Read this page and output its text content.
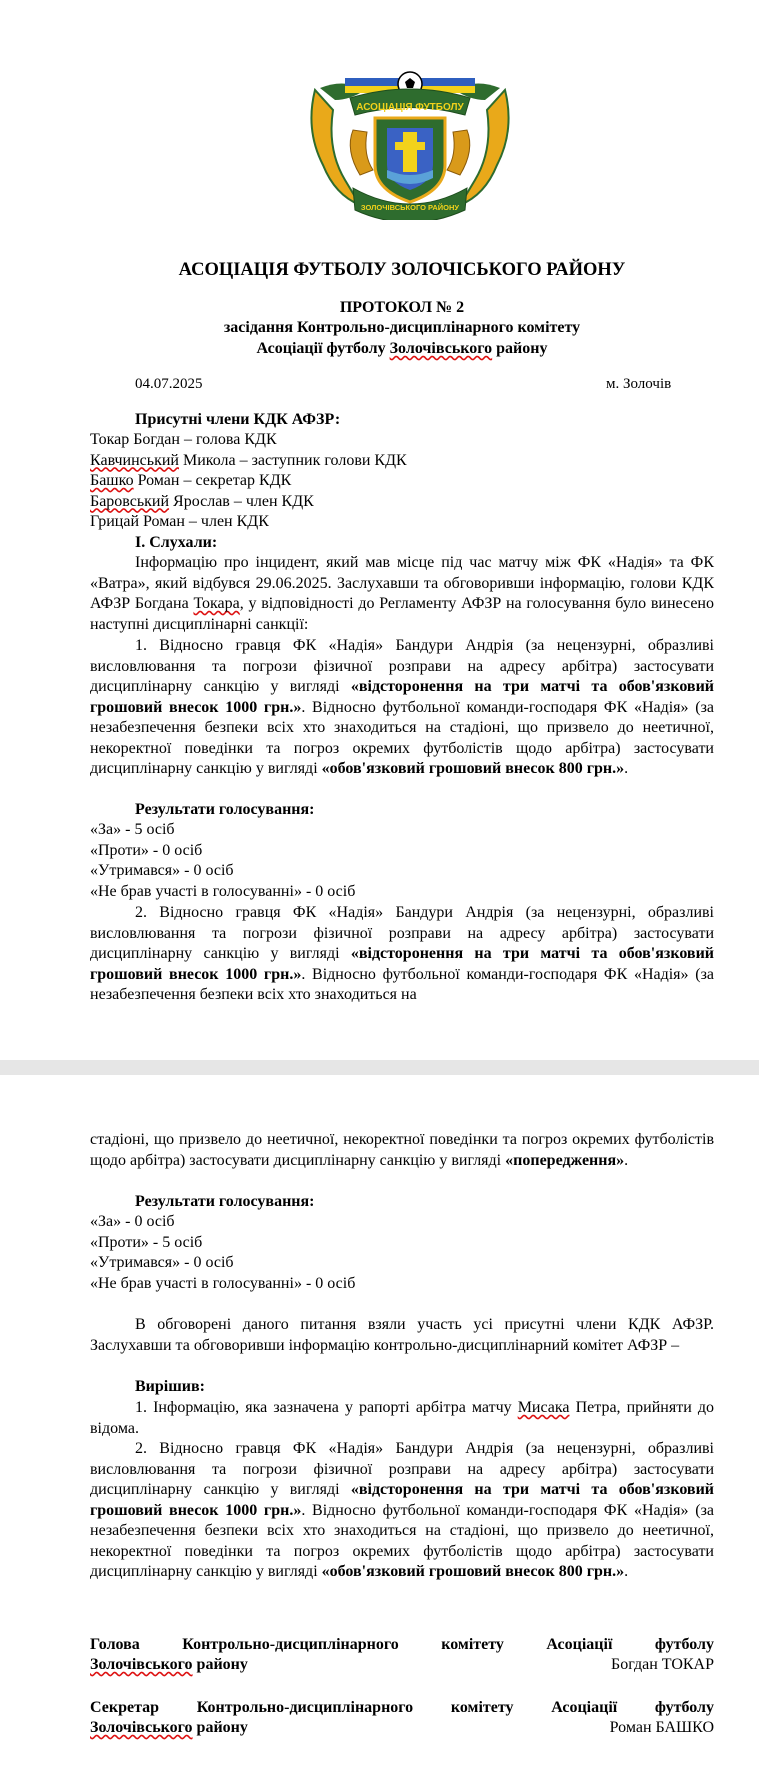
АСОЦІАЦІЯ ФУТБОЛУ
ЗОЛОЧІВСЬКОГО РАЙОНУ
АСОЦІАЦІЯ ФУТБОЛУ ЗОЛОЧІСЬКОГО РАЙОНУ
ПРОТОКОЛ № 2
засідання Контрольно-дисциплінарного комітету
Асоціації футболу Золочівського району
04.07.2025	м. Золочів
Присутні члени КДК АФЗР:
Токар Богдан – голова КДК
Кавчинський Микола – заступник голови КДК
Башко Роман – секретар КДК
Баровський Ярослав – член КДК
Грицай Роман – член КДК
I. Слухали:
Інформацію про інцидент, який мав місце під час матчу між ФК «Надія» та ФК «Ватра», який відбувся 29.06.2025. Заслухавши та обговоривши інформацію, голови КДК АФЗР Богдана Токара, у відповідності до Регламенту АФЗР на голосування було винесено наступні дисциплінарні санкції:
1. Відносно гравця ФК «Надія» Бандури Андрія (за нецензурні, образливі висловлювання та погрози фізичної розправи на адресу арбітра) застосувати дисциплінарну санкцію у вигляді «відсторонення на три матчі та обов'язковий грошовий внесок 1000 грн.». Відносно футбольної команди-господаря ФК «Надія» (за незабезпечення безпеки всіх хто знаходиться на стадіоні, що призвело до неетичної, некоректної поведінки та погроз окремих футболістів щодо арбітра) застосувати дисциплінарну санкцію у вигляді «обов'язковий грошовий внесок 800 грн.».
Результати голосування:
«За» - 5 осіб
«Проти» - 0 осіб
«Утримався» - 0 осіб
«Не брав участі в голосуванні» - 0 осіб
2. Відносно гравця ФК «Надія» Бандури Андрія (за нецензурні, образливі висловлювання та погрози фізичної розправи на адресу арбітра) застосувати дисциплінарну санкцію у вигляді «відсторонення на три матчі та обов'язковий грошовий внесок 1000 грн.». Відносно футбольної команди-господаря ФК «Надія» (за незабезпечення безпеки всіх хто знаходиться на
стадіоні, що призвело до неетичної, некоректної поведінки та погроз окремих футболістів щодо арбітра) застосувати дисциплінарну санкцію у вигляді «попередження».
Результати голосування:
«За» - 0 осіб
«Проти» - 5 осіб
«Утримався» - 0 осіб
«Не брав участі в голосуванні» - 0 осіб
В обговорені даного питання взяли участь усі присутні члени КДК АФЗР. Заслухавши та обговоривши інформацію контрольно-дисциплінарний комітет АФЗР –
Вирішив:
1. Інформацію, яка зазначена у рапорті арбітра матчу Мисака Петра, прийняти до відома.
2. Відносно гравця ФК «Надія» Бандури Андрія (за нецензурні, образливі висловлювання та погрози фізичної розправи на адресу арбітра) застосувати дисциплінарну санкцію у вигляді «відсторонення на три матчі та обов'язковий грошовий внесок 1000 грн.». Відносно футбольної команди-господаря ФК «Надія» (за незабезпечення безпеки всіх хто знаходиться на стадіоні, що призвело до неетичної, некоректної поведінки та погроз окремих футболістів щодо арбітра) застосувати дисциплінарну санкцію у вигляді «обов'язковий грошовий внесок 800 грн.».
Голова Контрольно-дисциплінарного комітету Асоціації футболу
Золочівського району	Богдан ТОКАР
Секретар Контрольно-дисциплінарного комітету Асоціації футболу
Золочівського району	Роман БАШКО
